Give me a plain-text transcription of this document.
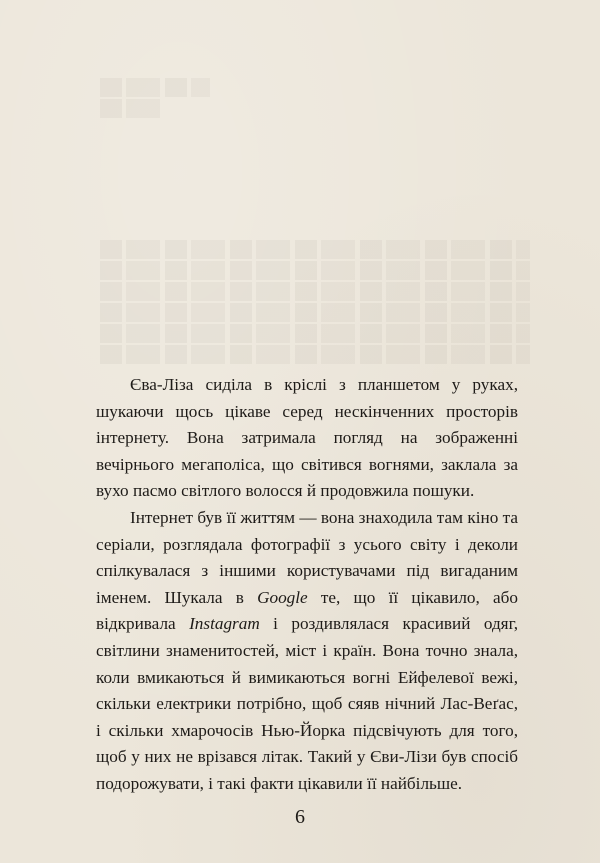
Єва-Ліза сиділа в кріслі з планшетом у руках, шукаючи щось цікаве серед нескінченних просторів інтернету. Вона затримала погляд на зображенні вечірнього мегаполіса, що світився вогнями, заклала за вухо пасмо світлого волосся й продовжила пошуки.

Інтернет був її життям — вона знаходила там кіно та серіали, розглядала фотографії з усього світу і деколи спілкувалася з іншими користувачами під вигаданим іменем. Шукала в Google те, що її цікавило, або відкривала Instagram і роздивлялася красивий одяг, світлини знаменитостей, міст і країн. Вона точно знала, коли вмикаються й вимикаються вогні Ейфелевої вежі, скільки електрики потрібно, щоб сяяв нічний Лас-Веґас, і скільки хмарочосів Нью-Йорка підсвічують для того, щоб у них не врізався літак. Такий у Єви-Лізи був спосіб подорожувати, і такі факти цікавили її найбільше.

6
